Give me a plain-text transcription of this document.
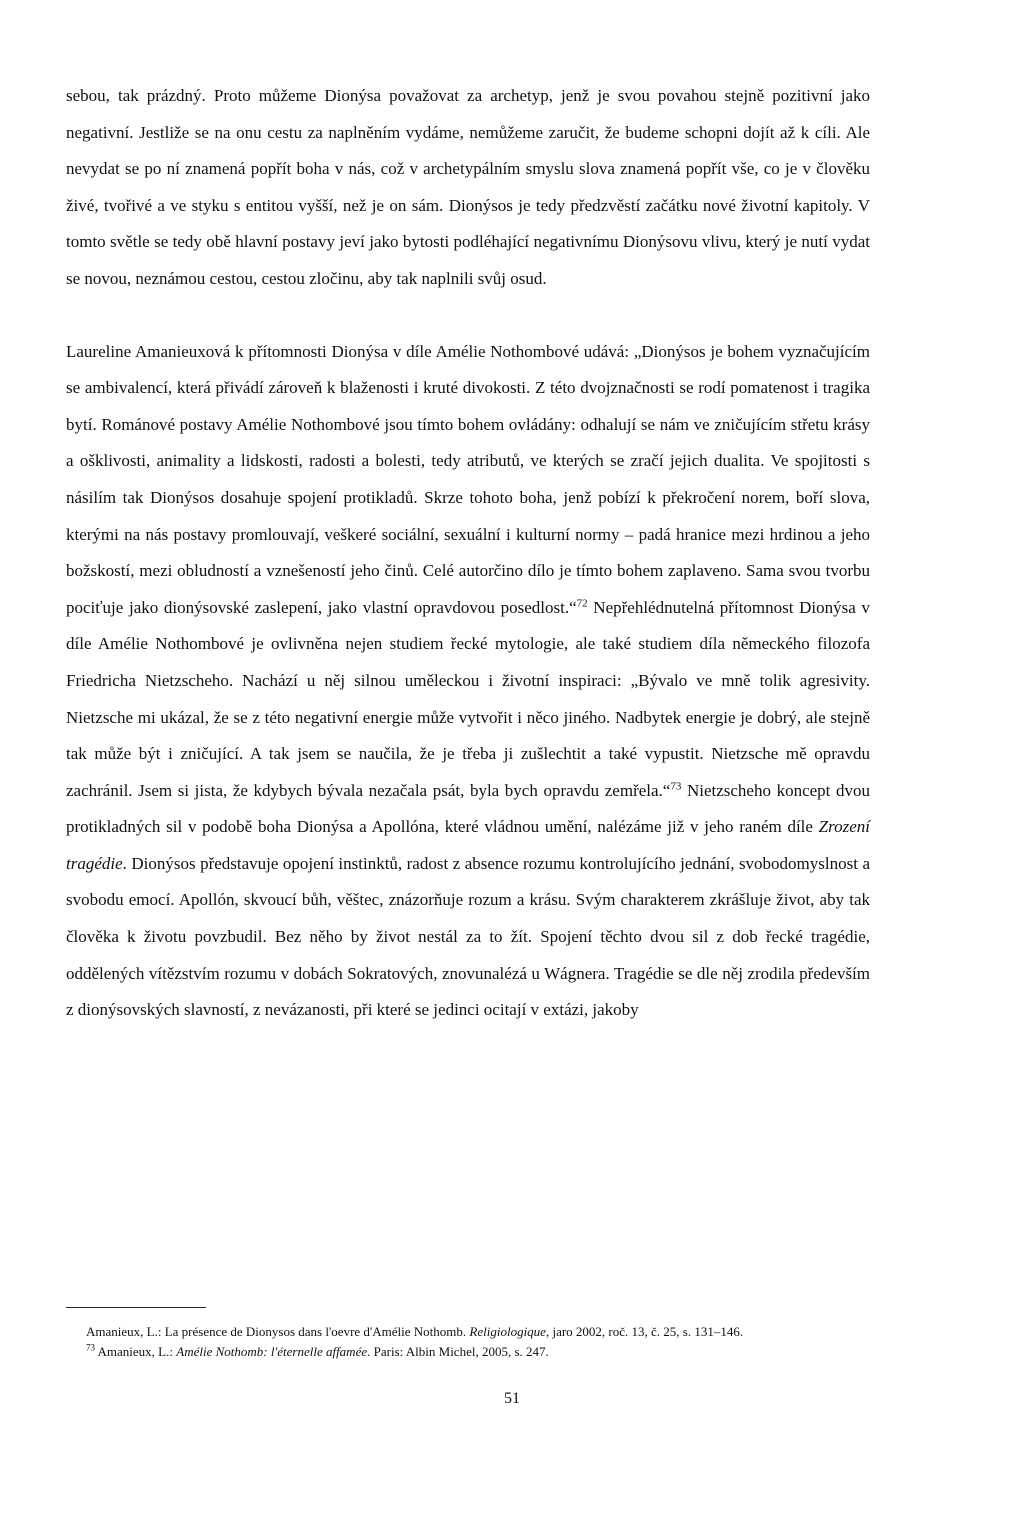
sebou, tak prázdný. Proto můžeme Dionýsa považovat za archetyp, jenž je svou povahou stejně pozitivní jako negativní. Jestliže se na onu cestu za naplněním vydáme, nemůžeme zaručit, že budeme schopni dojít až k cíli. Ale nevydat se po ní znamená popřít boha v nás, což v archetypálním smyslu slova znamená popřít vše, co je v člověku živé, tvořivé a ve styku s entitou vyšší, než je on sám. Dionýsos je tedy předzvěstí začátku nové životní kapitoly. V tomto světle se tedy obě hlavní postavy jeví jako bytosti podléhající negativnímu Dionýsovu vlivu, který je nutí vydat se novou, neznámou cestou, cestou zločinu, aby tak naplnili svůj osud.

Laureline Amanieuxová k přítomnosti Dionýsa v díle Amélie Nothombové udává: „Dionýsos je bohem vyznačujícím se ambivalencí, která přivádí zároveň k blaženosti i kruté divokosti. Z této dvojznačnosti se rodí pomatenost i tragika bytí. Románové postavy Amélie Nothombové jsou tímto bohem ovládány: odhalují se nám ve zničujícím střetu krásy a ošklivosti, animality a lidskosti, radosti a bolesti, tedy atributů, ve kterých se zračí jejich dualita. Ve spojitosti s násilím tak Dionýsos dosahuje spojení protikladů. Skrze tohoto boha, jenž pobízí k překročení norem, boří slova, kterými na nás postavy promlouvají, veškeré sociální, sexuální i kulturní normy – padá hranice mezi hrdinou a jeho božskostí, mezi obludností a vznešeností jeho činů. Celé autorčino dílo je tímto bohem zaplaveno. Sama svou tvorbu pociťuje jako dionýsovské zaslepení, jako vlastní opravdovou posedlost.“$^{72}$ Nepřehlédnutelná přítomnost Dionýsa v díle Amélie Nothombové je ovlivněna nejen studiem řecké mytologie, ale také studiem díla německého filozofa Friedricha Nietzscheho. Nachází u něj silnou uměleckou i životní inspiraci: „Bývalo ve mně tolik agresivity. Nietzsche mi ukázal, že se z této negativní energie může vytvořit i něco jiného. Nadbytek energie je dobrý, ale stejně tak může být i zničující. A tak jsem se naučila, že je třeba ji zušlechtit a také vypustit. Nietzsche mě opravdu zachránil. Jsem si jista, že kdybych bývala nezačala psát, byla bych opravdu zemřela.“$^{73}$ Nietzscheho koncept dvou protikladných sil v podobě boha Dionýsa a Apollóna, které vládnou umění, nalézáme již v jeho raném díle Zrození tragédie. Dionýsos představuje opojení instinktů, radost z absence rozumu kontrolujícího jednání, svobodomyslnost a svobodu emocí. Apollón, skvoucí bůh, věštec, znázorňuje rozum a krásu. Svým charakterem zkrášluje život, aby tak člověka k životu povzbudil. Bez něho by život nestál za to žít. Spojení těchto dvou sil z dob řecké tragédie, oddělených vítězstvím rozumu v dobách Sokratových, znovunalézá u Wágnera. Tragédie se dle něj zrodila především z dionýsovských slavností, z nevázanosti, při které se jedinci ocitají v extázi, jakoby

Amanieux, L.: La présence de Dionysos dans l'oevre d'Amélie Nothomb. Religiologique, jaro 2002, roč. 13, č. 25, s. 131–146.

$^{73}$ Amanieux, L.: Amélie Nothomb: l'éternelle affamée. Paris: Albin Michel, 2005, s. 247.

51
